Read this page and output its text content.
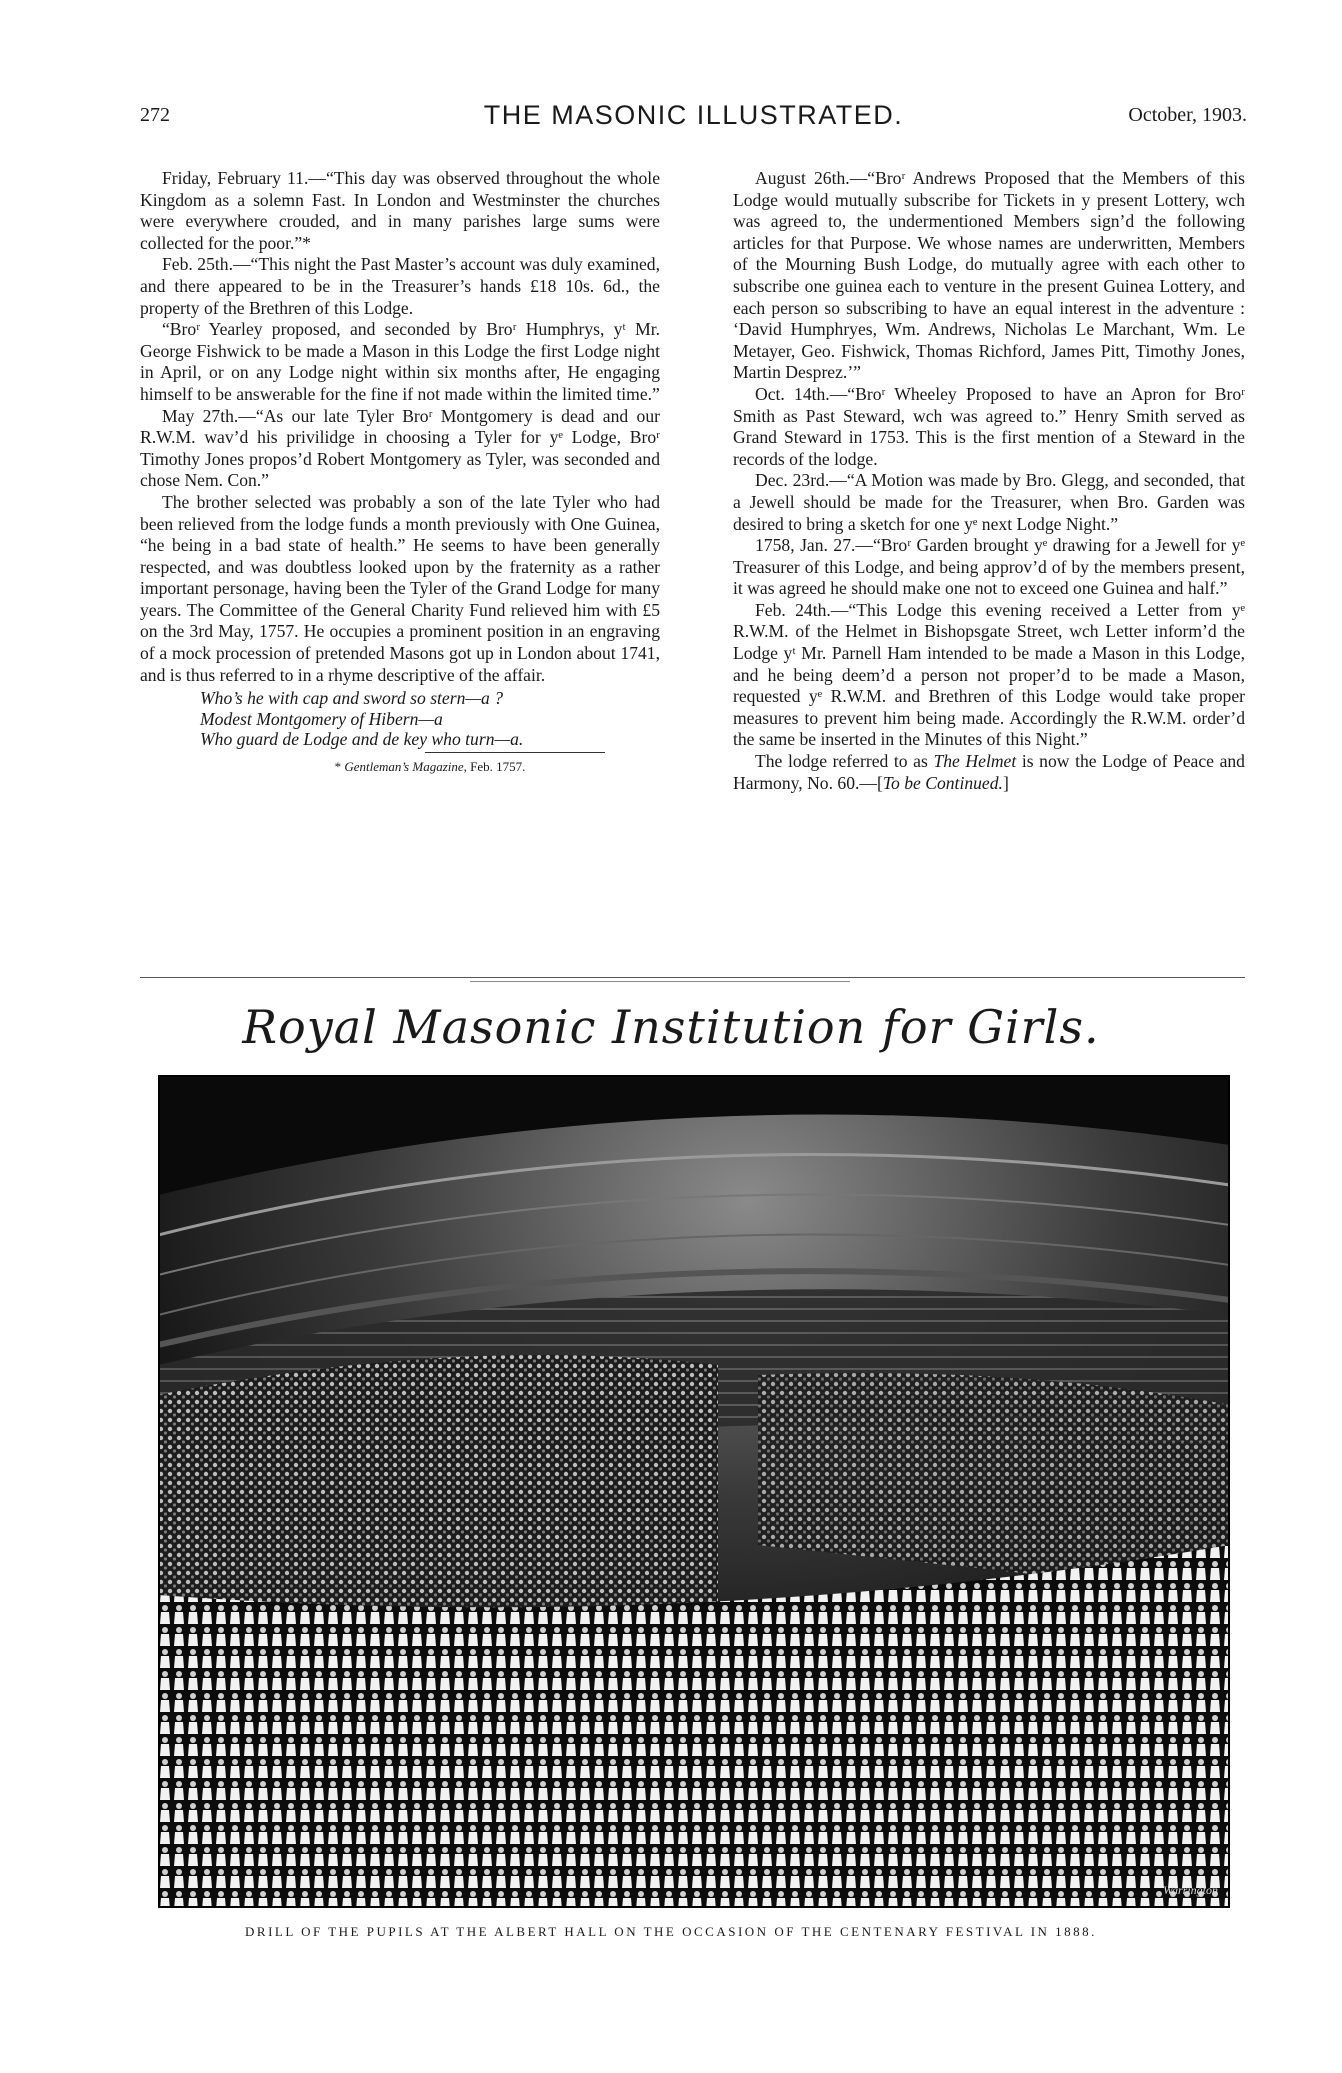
272	THE MASONIC ILLUSTRATED.	October, 1903.

Friday, February 11.—“This day was observed throughout the whole Kingdom as a solemn Fast. In London and Westminster the churches were everywhere crouded, and in many parishes large sums were collected for the poor.”*

Feb. 25th.—“This night the Past Master’s account was duly examined, and there appeared to be in the Treasurer’s hands £18 10s. 6d., the property of the Brethren of this Lodge.

“Broʳ Yearley proposed, and seconded by Broʳ Humphrys, yᵗ Mr. George Fishwick to be made a Mason in this Lodge the first Lodge night in April, or on any Lodge night within six months after, He engaging himself to be answerable for the fine if not made within the limited time.”

May 27th.—“As our late Tyler Broʳ Montgomery is dead and our R.W.M. wav’d his privilidge in choosing a Tyler for yᵉ Lodge, Broʳ Timothy Jones propos’d Robert Montgomery as Tyler, was seconded and chose Nem. Con.”

The brother selected was probably a son of the late Tyler who had been relieved from the lodge funds a month previously with One Guinea, “he being in a bad state of health.” He seems to have been generally respected, and was doubtless looked upon by the fraternity as a rather important personage, having been the Tyler of the Grand Lodge for many years. The Committee of the General Charity Fund relieved him with £5 on the 3rd May, 1757. He occupies a prominent position in an engraving of a mock procession of pretended Masons got up in London about 1741, and is thus referred to in a rhyme descriptive of the affair.

Who’s he with cap and sword so stern—a ?
Modest Montgomery of Hibern—a
Who guard de Lodge and de key who turn—a.
* Gentleman’s Magazine, Feb. 1757.

August 26th.—“Broʳ Andrews Proposed that the Members of this Lodge would mutually subscribe for Tickets in y present Lottery, wch was agreed to, the undermentioned Members sign’d the following articles for that Purpose. We whose names are underwritten, Members of the Mourning Bush Lodge, do mutually agree with each other to subscribe one guinea each to venture in the present Guinea Lottery, and each person so subscribing to have an equal interest in the adventure : ‘David Humphryes, Wm. Andrews, Nicholas Le Marchant, Wm. Le Metayer, Geo. Fishwick, Thomas Richford, James Pitt, Timothy Jones, Martin Desprez.’”

Oct. 14th.—“Broʳ Wheeley Proposed to have an Apron for Broʳ Smith as Past Steward, wch was agreed to.” Henry Smith served as Grand Steward in 1753. This is the first mention of a Steward in the records of the lodge.

Dec. 23rd.—“A Motion was made by Bro. Glegg, and seconded, that a Jewell should be made for the Treasurer, when Bro. Garden was desired to bring a sketch for one yᵉ next Lodge Night.”

1758, Jan. 27.—“Broʳ Garden brought yᵉ drawing for a Jewell for yᵉ Treasurer of this Lodge, and being approv’d of by the members present, it was agreed he should make one not to exceed one Guinea and half.”

Feb. 24th.—“This Lodge this evening received a Letter from yᵉ R.W.M. of the Helmet in Bishopsgate Street, wch Letter inform’d the Lodge yᵗ Mr. Parnell Ham intended to be made a Mason in this Lodge, and he being deem’d a person not proper’d to be made a Mason, requested yᵉ R.W.M. and Brethren of this Lodge would take proper measures to prevent him being made. Accordingly the R.W.M. order’d the same be inserted in the Minutes of this Night.”

The lodge referred to as The Helmet is now the Lodge of Peace and Harmony, No. 60.—[To be Continued.]

Royal Masonic Institution for Girls.
Warrington
DRILL OF THE PUPILS AT THE ALBERT HALL ON THE OCCASION OF THE CENTENARY FESTIVAL IN 1888.
